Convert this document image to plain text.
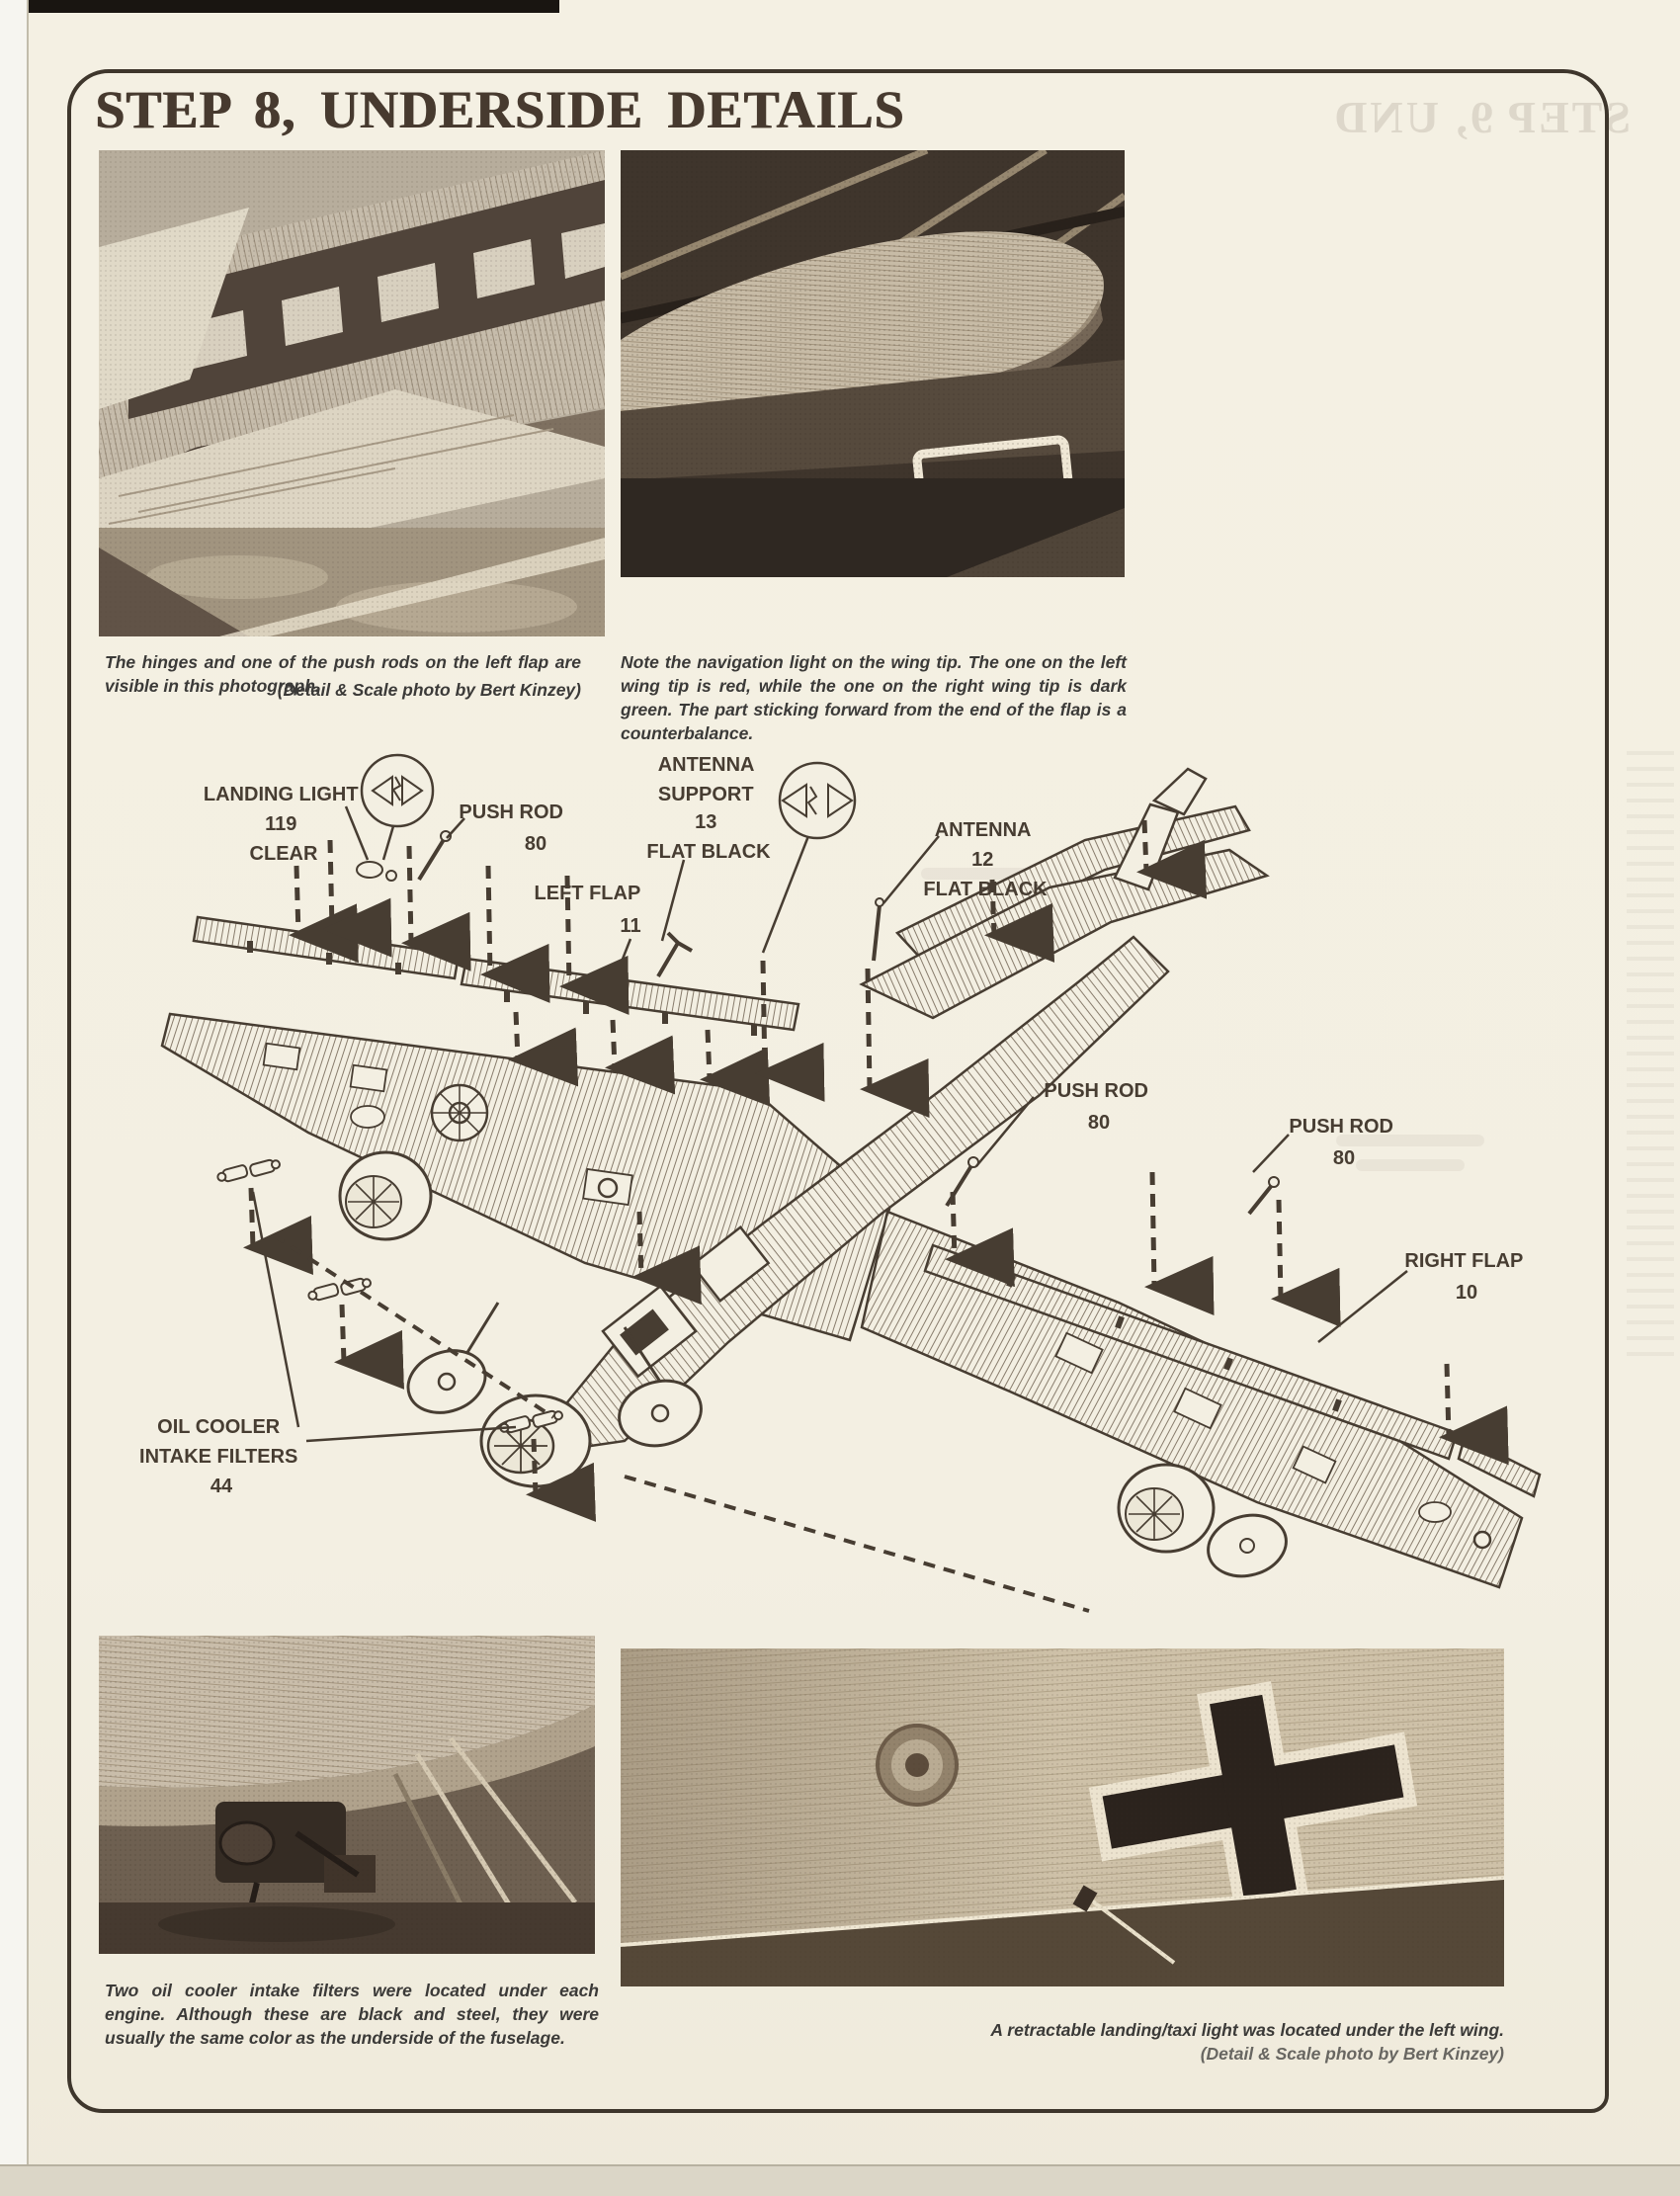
STEP 9, UND
STEP 8, UNDERSIDE DETAILS
The hinges and one of the push rods on the left flap are visible in this photograph.
(Detail & Scale photo by Bert Kinzey)
Note the navigation light on the wing tip. The one on the left wing tip is red, while the one on the right wing tip is dark green. The part sticking forward from the end of the flap is a counterbalance.
LANDING LIGHT 119 CLEAR
PUSH ROD 80
ANTENNA SUPPORT 13 FLAT BLACK
ANTENNA 12 FLAT BLACK
LEFT FLAP 11
PUSH ROD 80	PUSH ROD 80
RIGHT FLAP 10
OIL COOLER INTAKE FILTERS 44
Two oil cooler intake filters were located under each engine. Although these are black and steel, they were usually the same color as the underside of the fuselage.	A retractable landing/taxi light was located under the left wing.
(Detail & Scale photo by Bert Kinzey)
